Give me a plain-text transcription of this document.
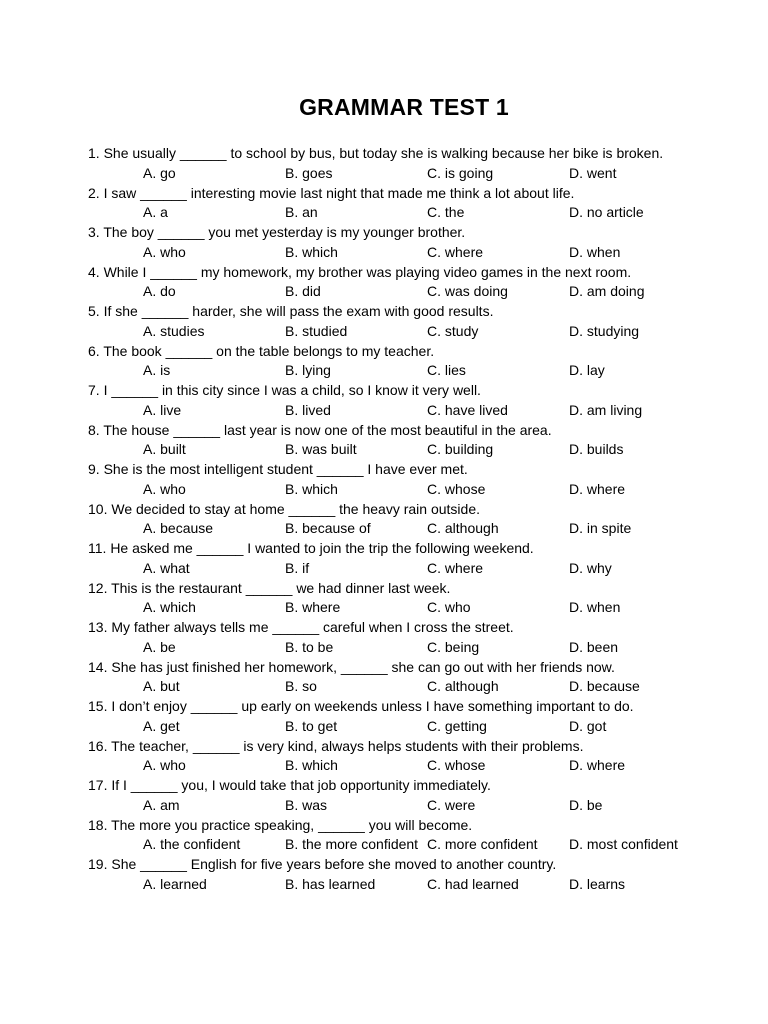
GRAMMAR TEST 1
1. She usually ______ to school by bus, but today she is walking because her bike is broken.
A. go	B. goes	C. is going	D. went
2. I saw ______ interesting movie last night that made me think a lot about life.
A. a	B. an	C. the	D. no article
3. The boy ______ you met yesterday is my younger brother.
A. who	B. which	C. where	D. when
4. While I ______ my homework, my brother was playing video games in the next room.
A. do	B. did	C. was doing	D. am doing
5. If she ______ harder, she will pass the exam with good results.
A. studies	B. studied	C. study	D. studying
6. The book ______ on the table belongs to my teacher.
A. is	B. lying	C. lies	D. lay
7. I ______ in this city since I was a child, so I know it very well.
A. live	B. lived	C. have lived	D. am living
8. The house ______ last year is now one of the most beautiful in the area.
A. built	B. was built	C. building	D. builds
9. She is the most intelligent student ______ I have ever met.
A. who	B. which	C. whose	D. where
10. We decided to stay at home ______ the heavy rain outside.
A. because	B. because of	C. although	D. in spite
11. He asked me ______ I wanted to join the trip the following weekend.
A. what	B. if	C. where	D. why
12. This is the restaurant ______ we had dinner last week.
A. which	B. where	C. who	D. when
13. My father always tells me ______ careful when I cross the street.
A. be	B. to be	C. being	D. been
14. She has just finished her homework, ______ she can go out with her friends now.
A. but	B. so	C. although	D. because
15. I don’t enjoy ______ up early on weekends unless I have something important to do.
A. get	B. to get	C. getting	D. got
16. The teacher, ______ is very kind, always helps students with their problems.
A. who	B. which	C. whose	D. where
17. If I ______ you, I would take that job opportunity immediately.
A. am	B. was	C. were	D. be
18. The more you practice speaking, ______ you will become.
A. the confident	B. the more confident C. more confident D. most confident
19. She ______ English for five years before she moved to another country.
A. learned	B. has learned	C. had learned	D. learns
